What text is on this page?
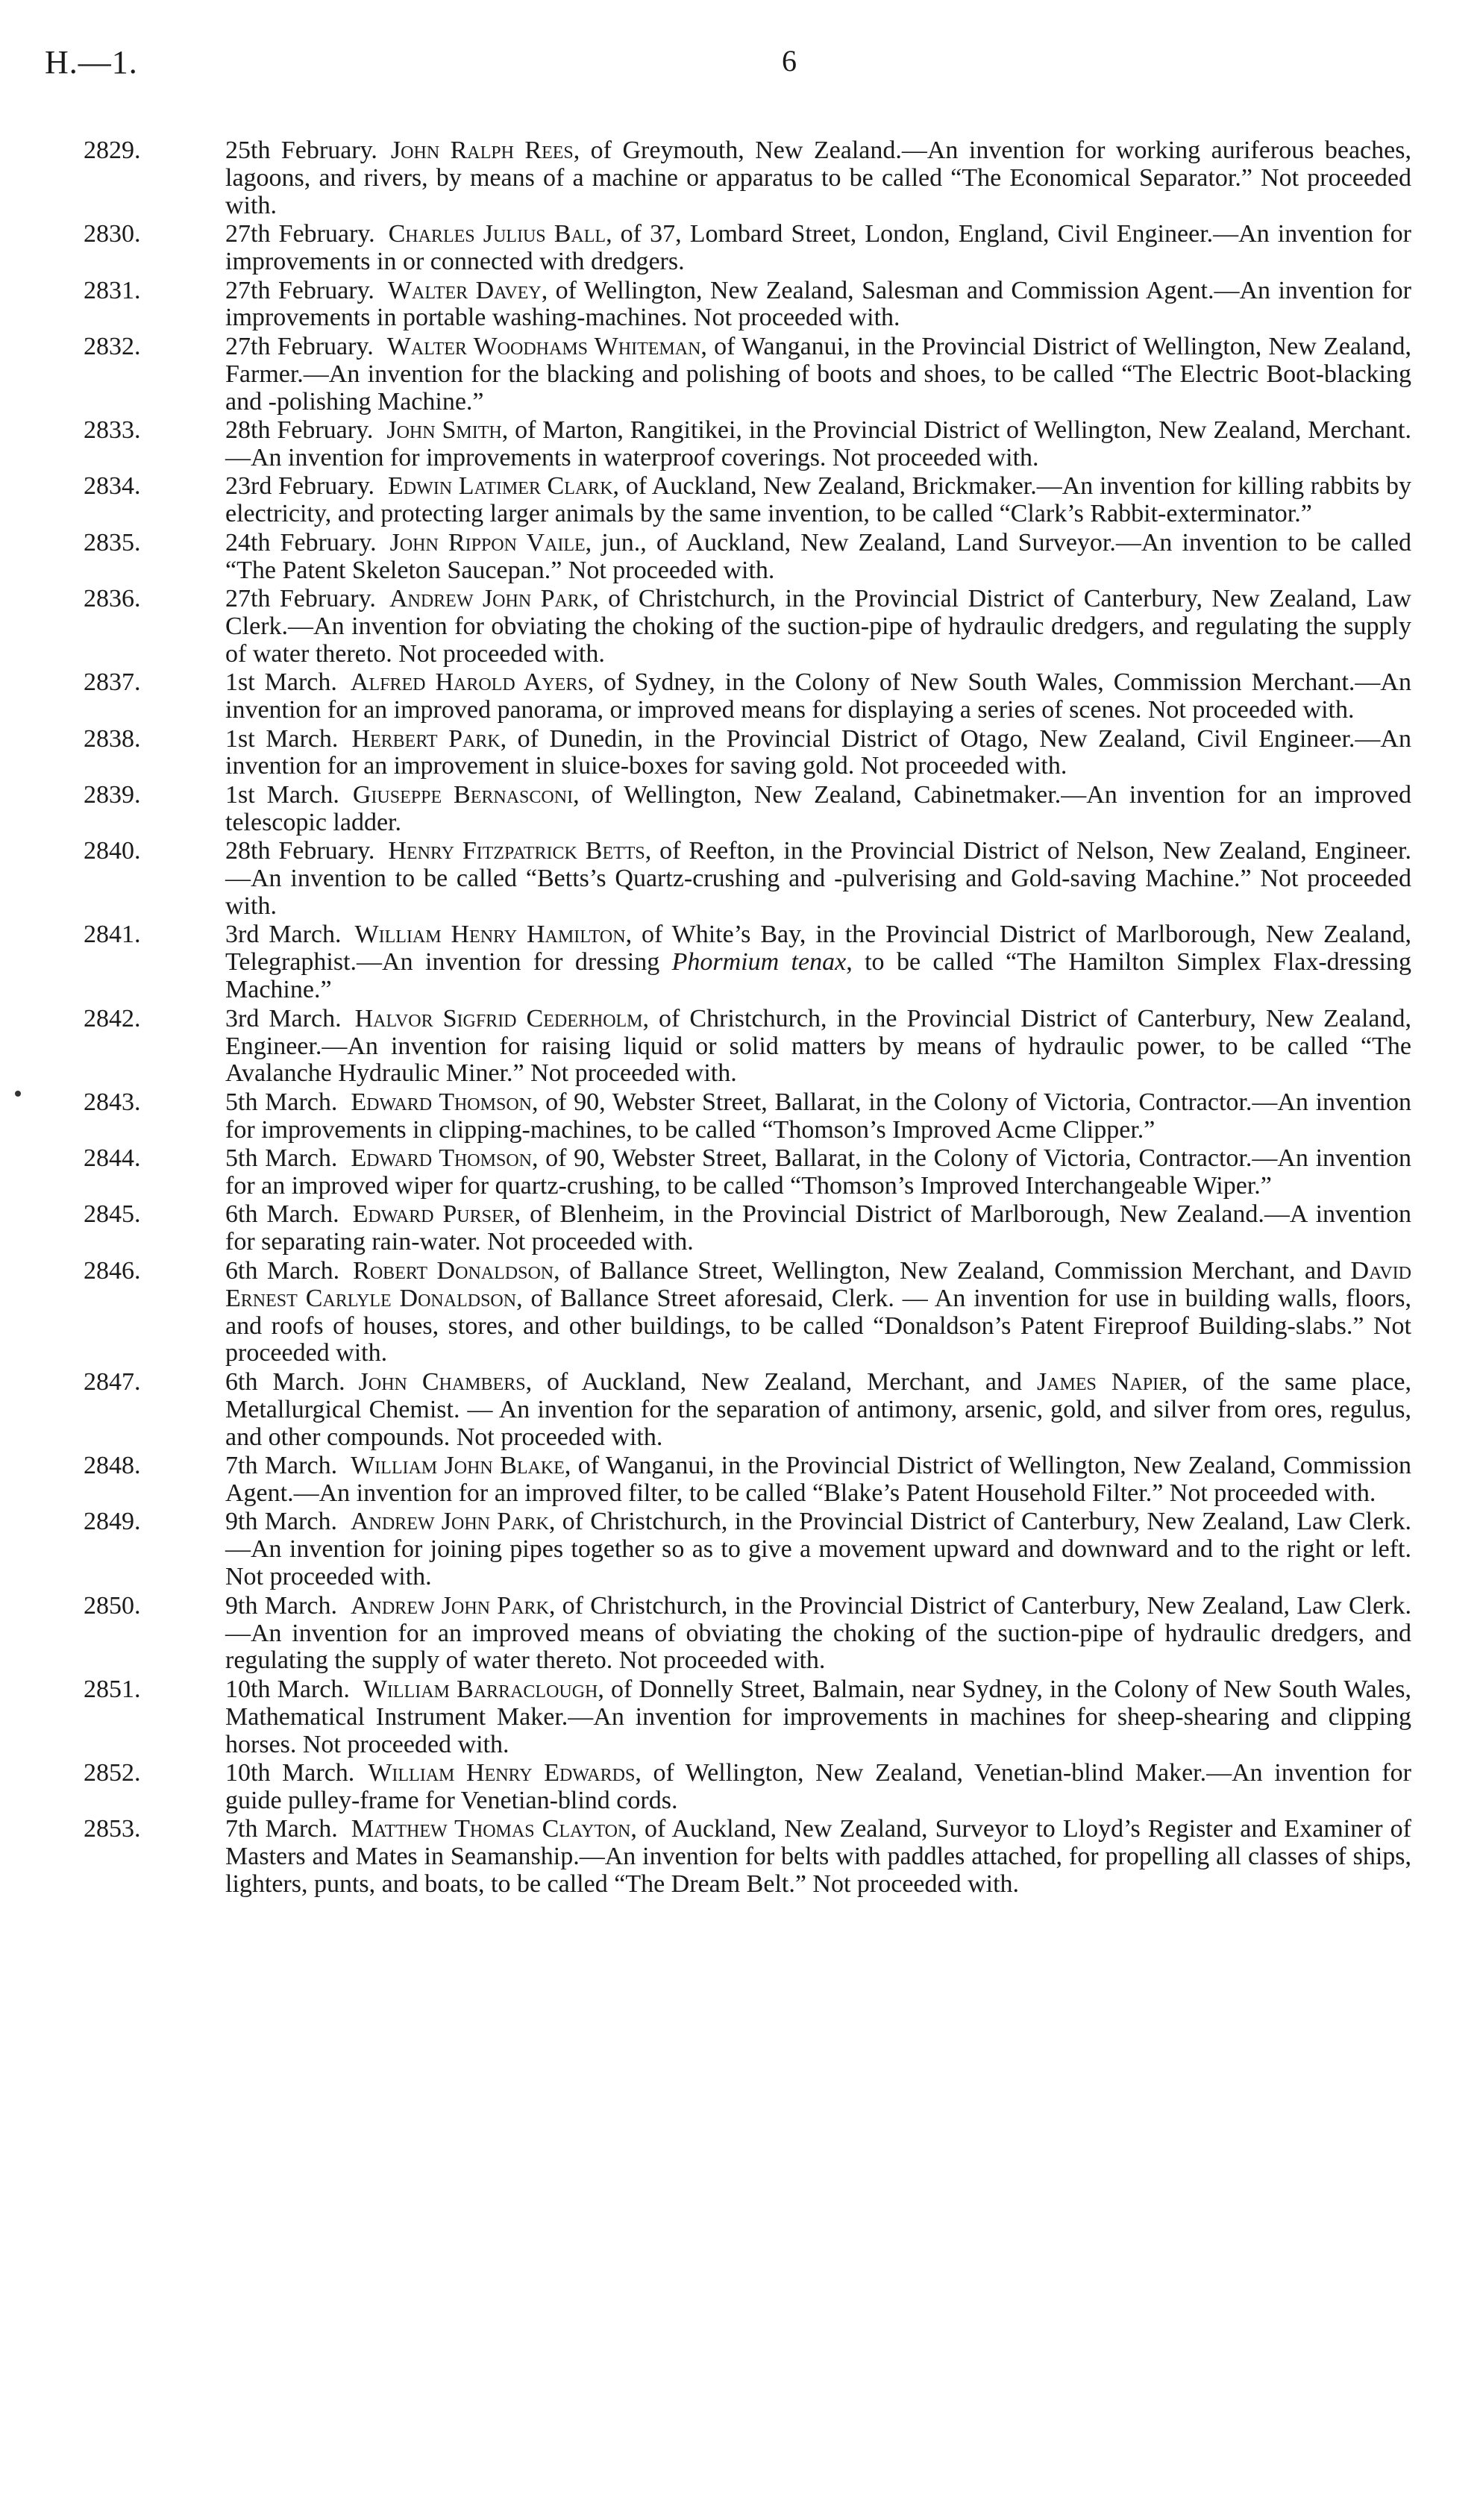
H.—1.	6
2829.	25th February. John Ralph Rees, of Greymouth, New Zealand.—An invention for working auriferous beaches, lagoons, and rivers, by means of a machine or apparatus to be called “The Economical Separator.” Not proceeded with.
2830.	27th February. Charles Julius Ball, of 37, Lombard Street, London, England, Civil Engineer.—An invention for improvements in or connected with dredgers.
2831.	27th February. Walter Davey, of Wellington, New Zealand, Salesman and Commission Agent.—An invention for improvements in portable washing-machines. Not proceeded with.
2832.	27th February. Walter Woodhams Whiteman, of Wanganui, in the Provincial District of Wellington, New Zealand, Farmer.—An invention for the blacking and polishing of boots and shoes, to be called “The Electric Boot-blacking and -polishing Machine.”
2833.	28th February. John Smith, of Marton, Rangitikei, in the Provincial District of Wellington, New Zealand, Merchant.—An invention for improvements in waterproof coverings. Not proceeded with.
2834.	23rd February. Edwin Latimer Clark, of Auckland, New Zealand, Brickmaker.—An invention for killing rabbits by electricity, and protecting larger animals by the same invention, to be called “Clark’s Rabbit-exterminator.”
2835.	24th February. John Rippon Vaile, jun., of Auckland, New Zealand, Land Surveyor.—An invention to be called “The Patent Skeleton Saucepan.” Not proceeded with.
2836.	27th February. Andrew John Park, of Christchurch, in the Provincial District of Canterbury, New Zealand, Law Clerk.—An invention for obviating the choking of the suction-pipe of hydraulic dredgers, and regulating the supply of water thereto. Not proceeded with.
2837.	1st March. Alfred Harold Ayers, of Sydney, in the Colony of New South Wales, Commission Merchant.—An invention for an improved panorama, or improved means for displaying a series of scenes. Not proceeded with.
2838.	1st March. Herbert Park, of Dunedin, in the Provincial District of Otago, New Zealand, Civil Engineer.—An invention for an improvement in sluice-boxes for saving gold. Not proceeded with.
2839.	1st March. Giuseppe Bernasconi, of Wellington, New Zealand, Cabinetmaker.—An invention for an improved telescopic ladder.
2840.	28th February. Henry Fitzpatrick Betts, of Reefton, in the Provincial District of Nelson, New Zealand, Engineer.—An invention to be called “Betts’s Quartz-crushing and -pulverising and Gold-saving Machine.” Not proceeded with.
2841.	3rd March. William Henry Hamilton, of White’s Bay, in the Provincial District of Marlborough, New Zealand, Telegraphist.—An invention for dressing Phormium tenax, to be called “The Hamilton Simplex Flax-dressing Machine.”
2842.	3rd March. Halvor Sigfrid Cederholm, of Christchurch, in the Provincial District of Canterbury, New Zealand, Engineer.—An invention for raising liquid or solid matters by means of hydraulic power, to be called “The Avalanche Hydraulic Miner.” Not proceeded with.
2843.	5th March. Edward Thomson, of 90, Webster Street, Ballarat, in the Colony of Victoria, Contractor.—An invention for improvements in clipping-machines, to be called “Thomson’s Improved Acme Clipper.”
2844.	5th March. Edward Thomson, of 90, Webster Street, Ballarat, in the Colony of Victoria, Contractor.—An invention for an improved wiper for quartz-crushing, to be called “Thomson’s Improved Interchangeable Wiper.”
2845.	6th March. Edward Purser, of Blenheim, in the Provincial District of Marlborough, New Zealand.—A invention for separating rain-water. Not proceeded with.
2846.	6th March. Robert Donaldson, of Ballance Street, Wellington, New Zealand, Commission Merchant, and David Ernest Carlyle Donaldson, of Ballance Street aforesaid, Clerk. — An invention for use in building walls, floors, and roofs of houses, stores, and other buildings, to be called “Donaldson’s Patent Fireproof Building-slabs.” Not proceeded with.
2847.	6th March. John Chambers, of Auckland, New Zealand, Merchant, and James Napier, of the same place, Metallurgical Chemist. — An invention for the separation of antimony, arsenic, gold, and silver from ores, regulus, and other compounds. Not proceeded with.
2848.	7th March. William John Blake, of Wanganui, in the Provincial District of Wellington, New Zealand, Commission Agent.—An invention for an improved filter, to be called “Blake’s Patent Household Filter.” Not proceeded with.
2849.	9th March. Andrew John Park, of Christchurch, in the Provincial District of Canterbury, New Zealand, Law Clerk.—An invention for joining pipes together so as to give a movement upward and downward and to the right or left. Not proceeded with.
2850.	9th March. Andrew John Park, of Christchurch, in the Provincial District of Canterbury, New Zealand, Law Clerk.—An invention for an improved means of obviating the choking of the suction-pipe of hydraulic dredgers, and regulating the supply of water thereto. Not proceeded with.
2851.	10th March. William Barraclough, of Donnelly Street, Balmain, near Sydney, in the Colony of New South Wales, Mathematical Instrument Maker.—An invention for improvements in machines for sheep-shearing and clipping horses. Not proceeded with.
2852.	10th March. William Henry Edwards, of Wellington, New Zealand, Venetian-blind Maker.—An invention for guide pulley-frame for Venetian-blind cords.
2853.	7th March. Matthew Thomas Clayton, of Auckland, New Zealand, Surveyor to Lloyd’s Register and Examiner of Masters and Mates in Seamanship.—An invention for belts with paddles attached, for propelling all classes of ships, lighters, punts, and boats, to be called “The Dream Belt.” Not proceeded with.
